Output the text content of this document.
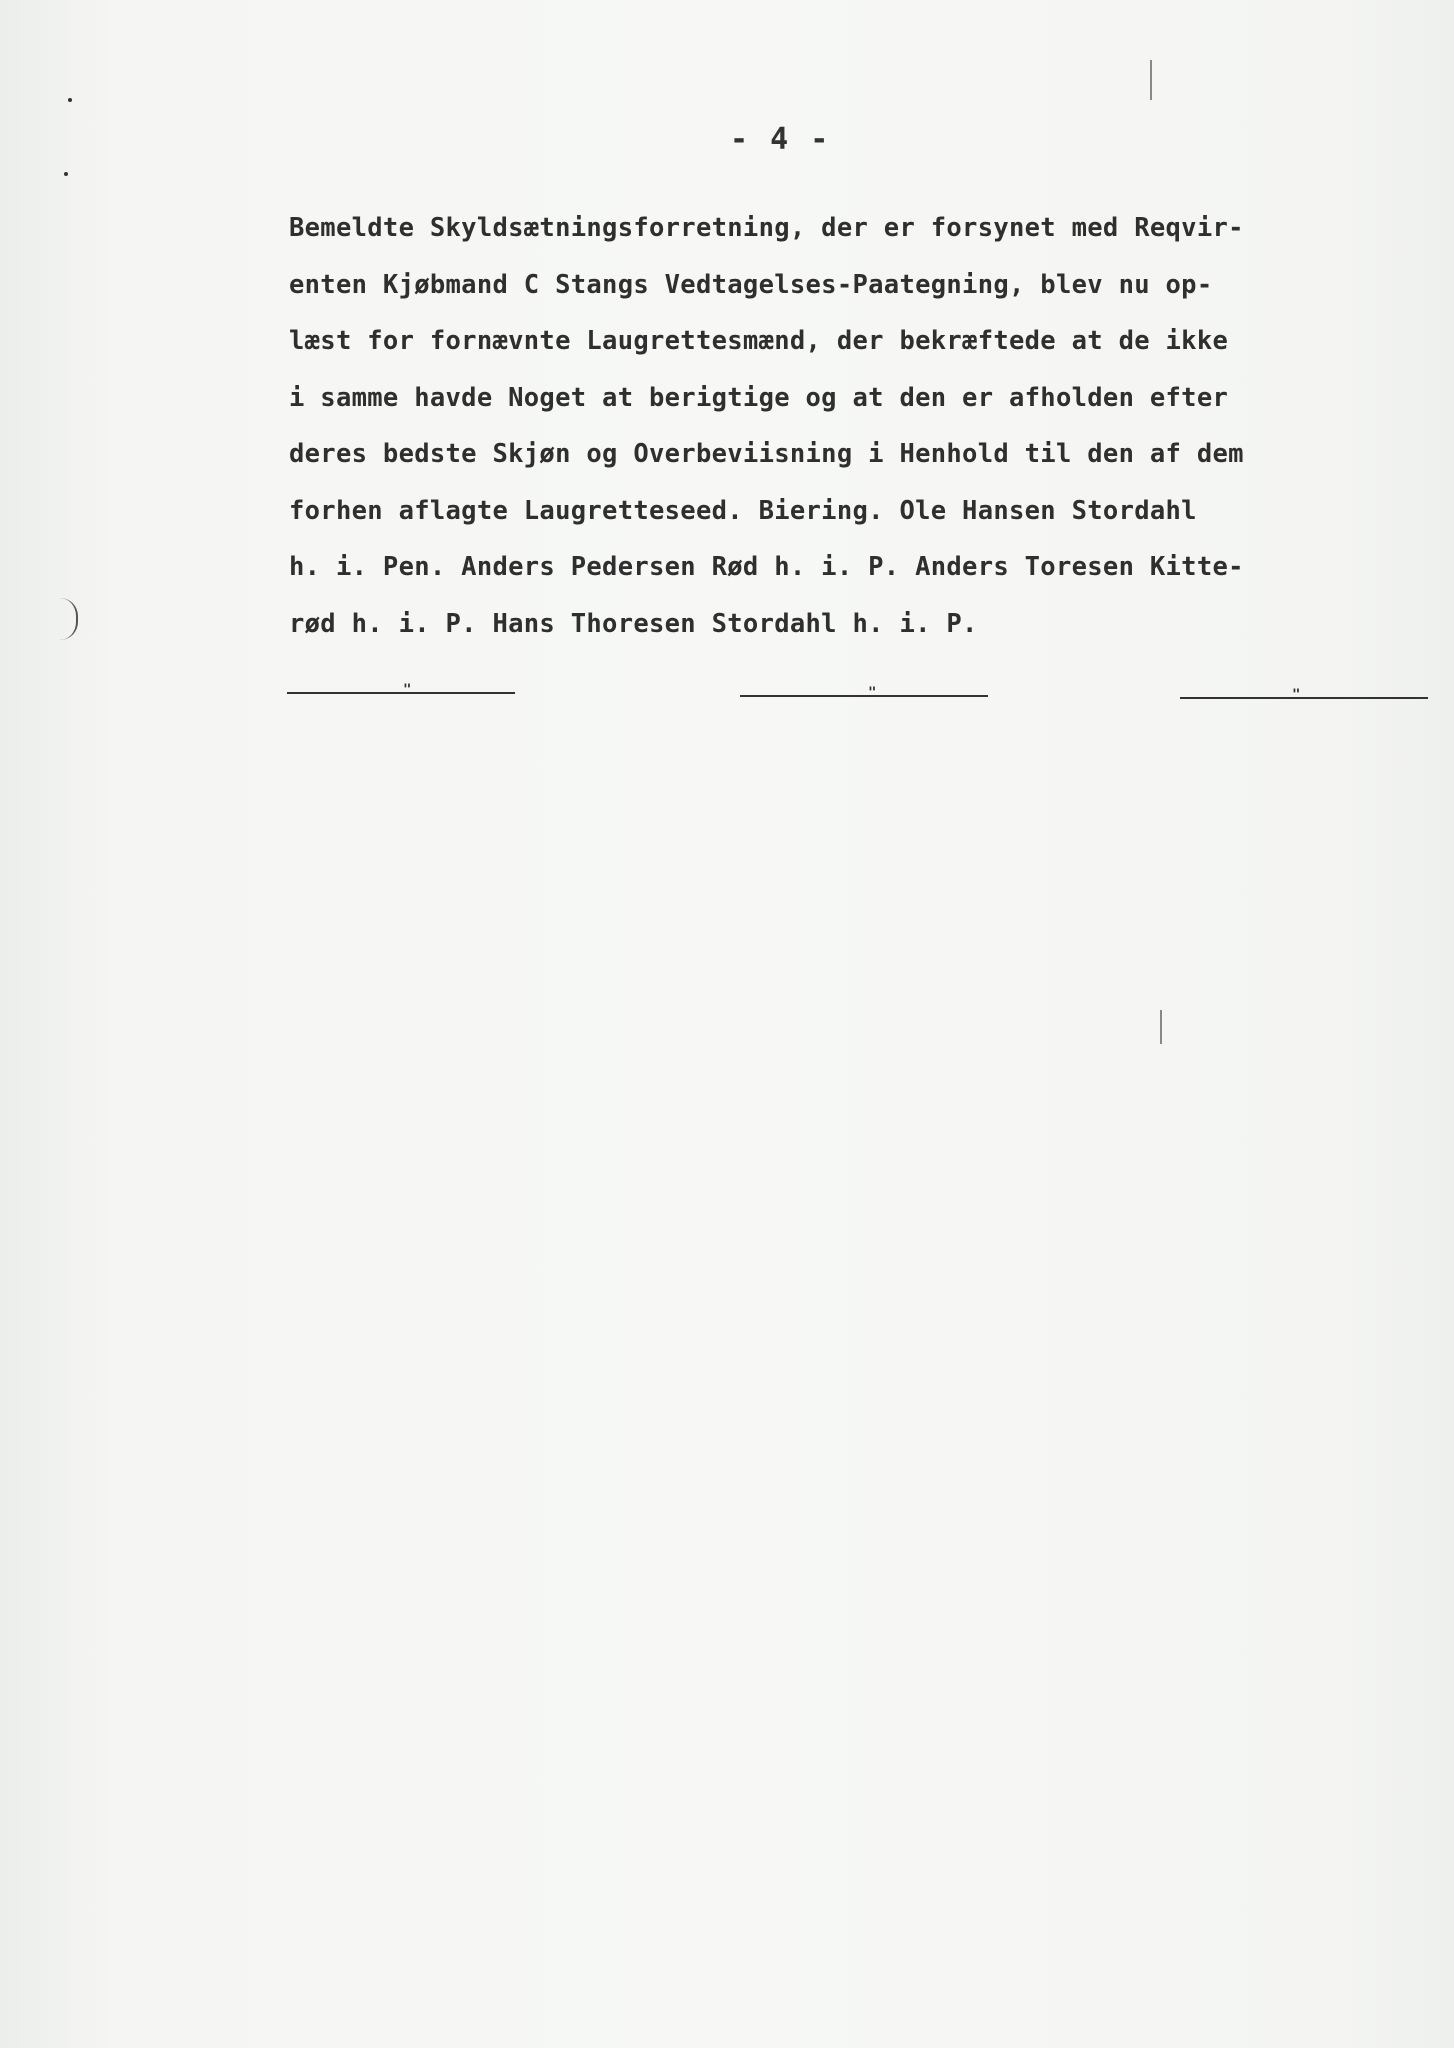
- 4 -
Bemeldte Skyldsætningsforretning, der er forsynet med Reqvir-
enten Kjøbmand C Stangs Vedtagelses-Paategning, blev nu op-
læst for fornævnte Laugrettesmænd, der bekræftede at de ikke
i samme havde Noget at berigtige og at den er afholden efter
deres bedste Skjøn og Overbeviisning i Henhold til den af dem
forhen aflagte Laugretteseed. Biering. Ole Hansen Stordahl
h. i. Pen. Anders Pedersen Rød h. i. P. Anders Toresen Kitte-
rød h. i. P. Hans Thoresen Stordahl h. i. P.
"	"	"
